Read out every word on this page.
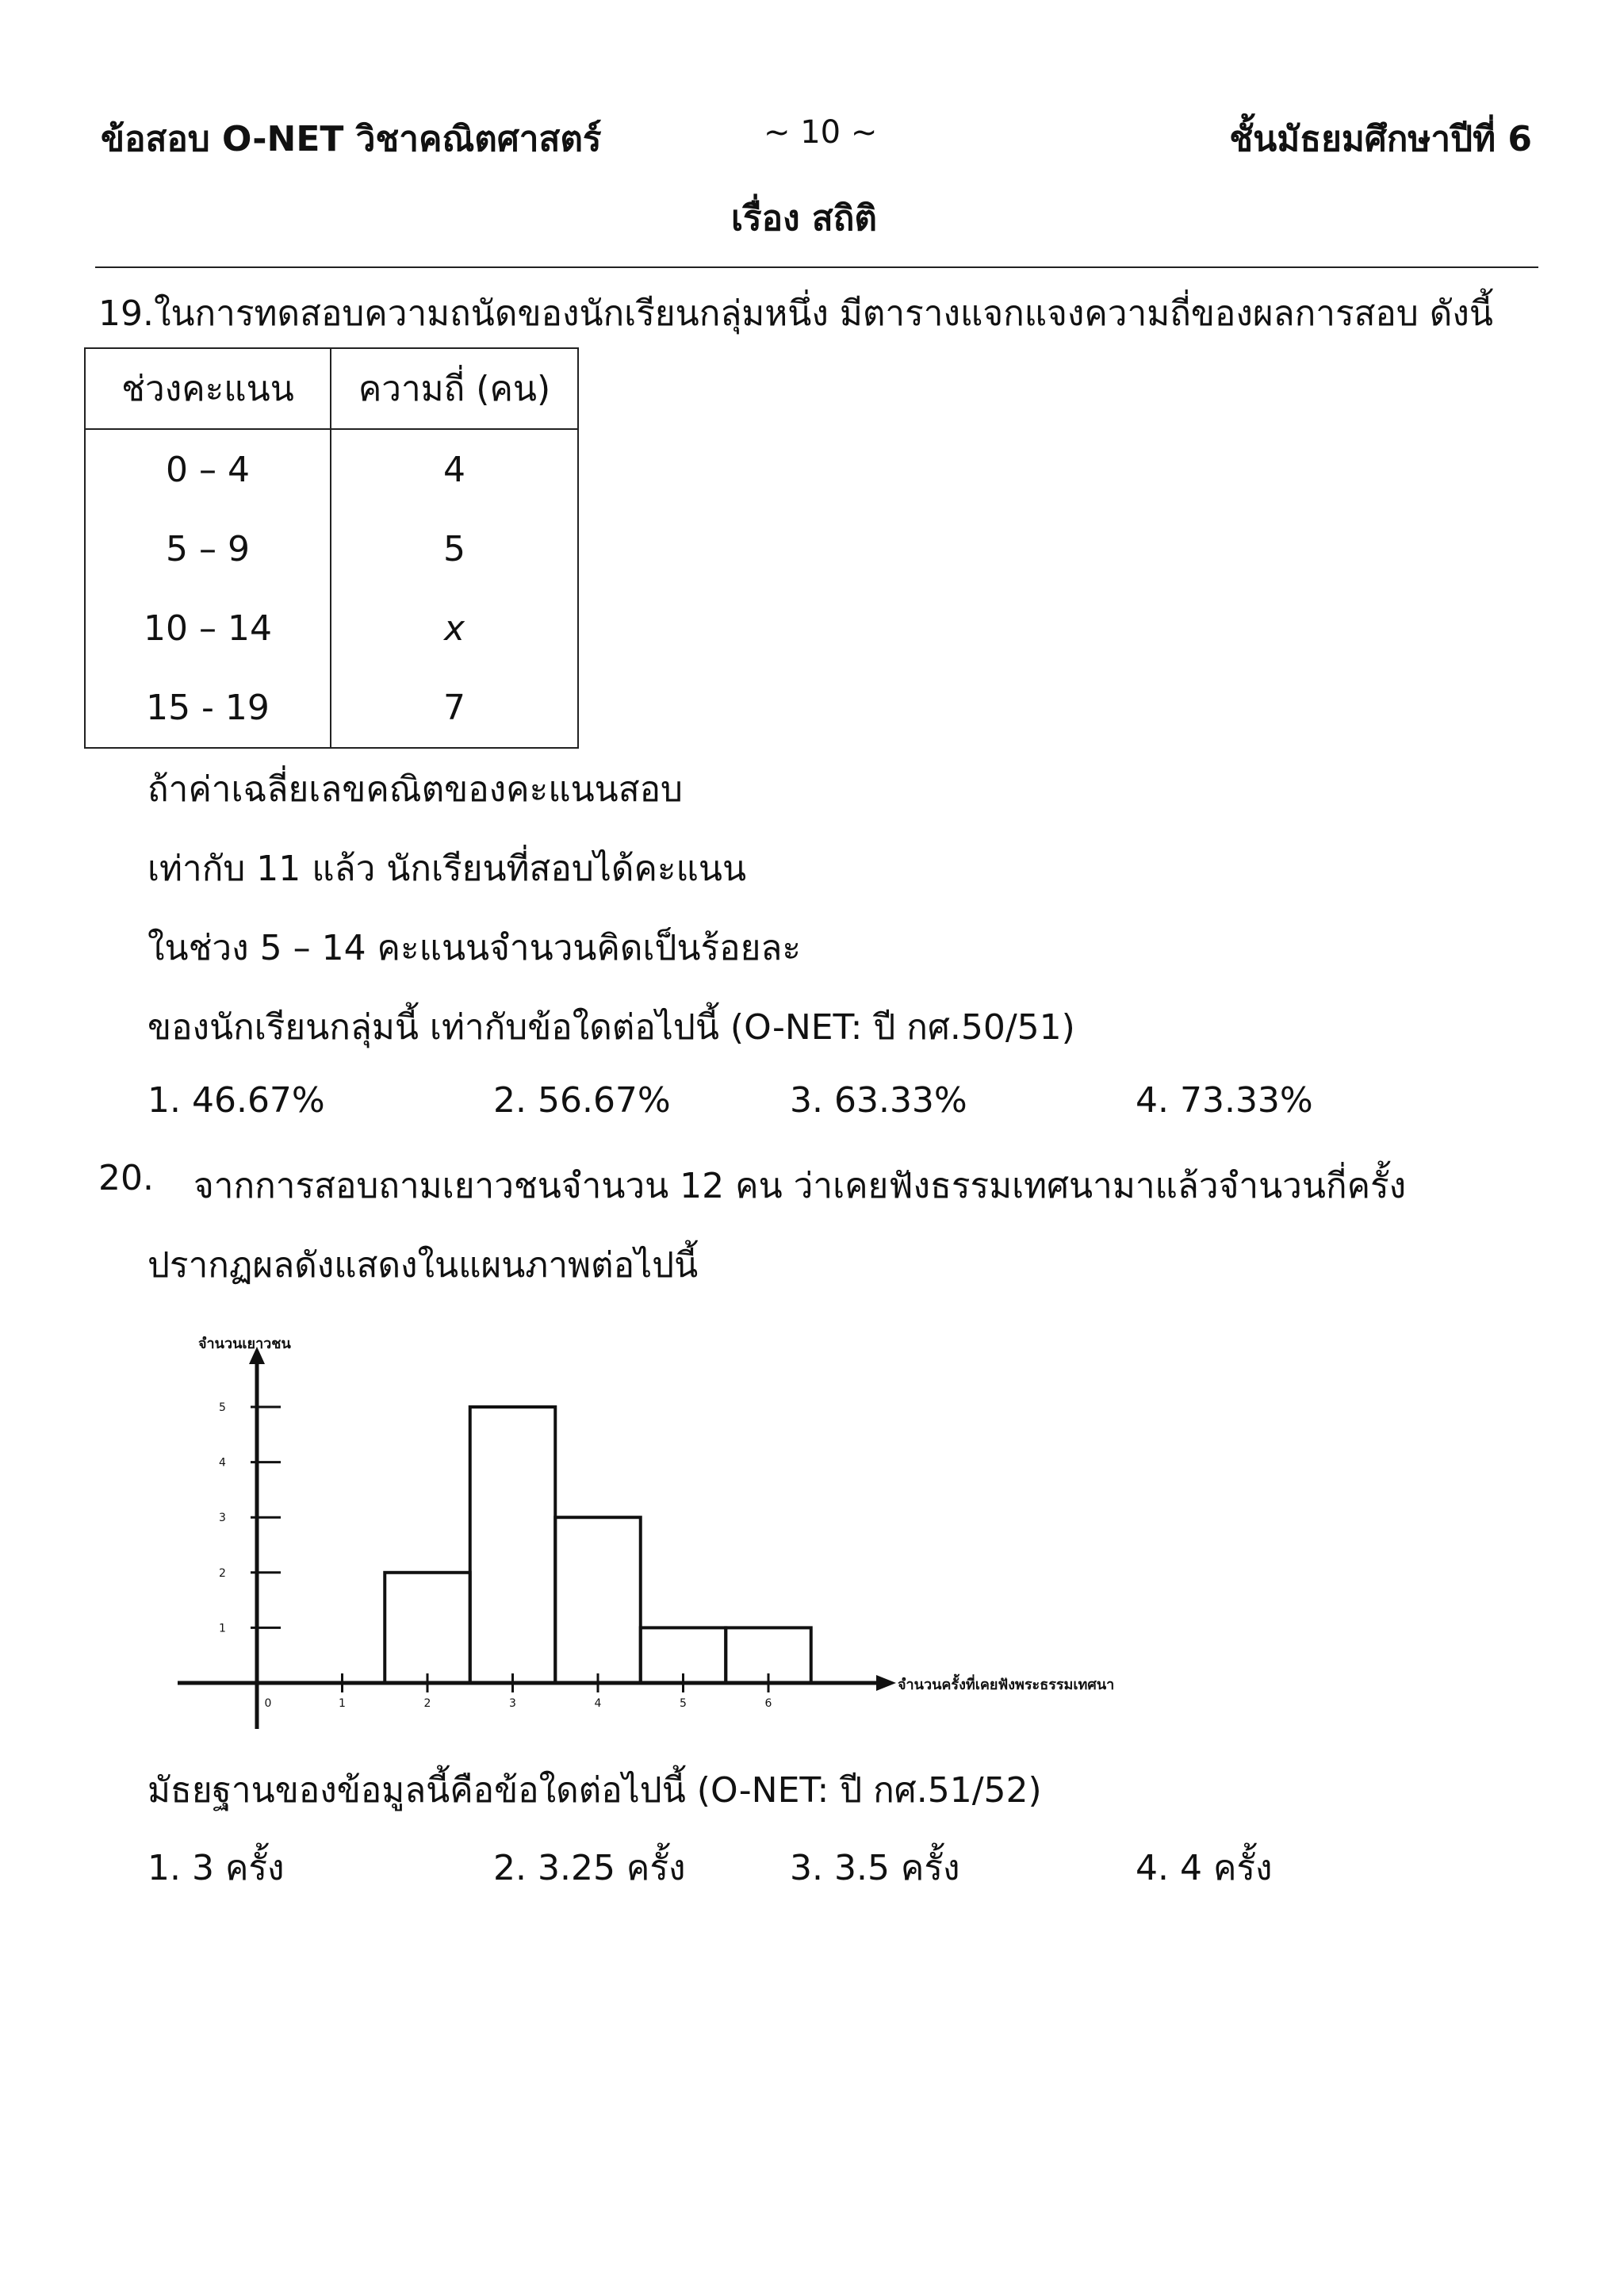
ข้อสอบ O-NET วิชาคณิตศาสตร์	~ 10 ~	ชั้นมัธยมศึกษาปีที่ 6
เรื่อง สถิติ
19.ในการทดสอบความถนัดของนักเรียนกลุ่มหนึ่ง มีตารางแจกแจงความถี่ของผลการสอบ ดังนี้
ช่วงคะแนน	ความถี่ (คน)
0 – 4	4
5 – 9	5
10 – 14	x
15 - 19	7
ถ้าค่าเฉลี่ยเลขคณิตของคะแนนสอบ
เท่ากับ 11 แล้ว นักเรียนที่สอบได้คะแนน
ในช่วง 5 – 14 คะแนนจำนวนคิดเป็นร้อยละ
ของนักเรียนกลุ่มนี้ เท่ากับข้อใดต่อไปนี้ (O-NET: ปี กศ.50/51)
1. 46.67%	2. 56.67%	3. 63.33%	4. 73.33%
20. จากการสอบถามเยาวชนจำนวน 12 คน ว่าเคยฟังธรรมเทศนามาแล้วจำนวนกี่ครั้ง
ปรากฏผลดังแสดงในแผนภาพต่อไปนี้
0	1	2	3	4	5	6
1
2
3
4
5
จำนวนเยาวชน
จำนวนครั้งที่เคยฟังพระธรรมเทศนา
มัธยฐานของข้อมูลนี้คือข้อใดต่อไปนี้ (O-NET: ปี กศ.51/52)
1. 3 ครั้ง	2. 3.25 ครั้ง	3. 3.5 ครั้ง	4. 4 ครั้ง
